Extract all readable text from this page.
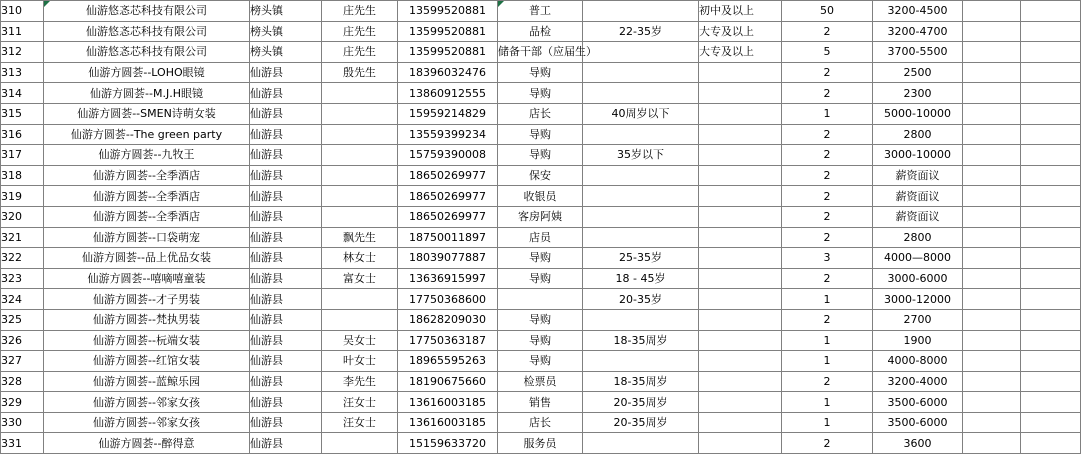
310	仙游悠忞芯科技有限公司	榜头镇	庄先生	13599520881	普工		初中及以上	50	3200-4500		
311	仙游悠忞芯科技有限公司	榜头镇	庄先生	13599520881	品检	22-35岁	大专及以上	2	3200-4700		
312	仙游悠忞芯科技有限公司	榜头镇	庄先生	13599520881	储备干部（应届生）		大专及以上	5	3700-5500		
313	仙游方圆荟--LOHO眼镜	仙游县	殷先生	18396032476	导购			2	2500		
314	仙游方圆荟--M.J.H眼镜	仙游县		13860912555	导购			2	2300		
315	仙游方圆荟--SMEN诗萌女装	仙游县		15959214829	店长	40周岁以下		1	5000-10000		
316	仙游方圆荟--The green party	仙游县		13559399234	导购			2	2800		
317	仙游方圆荟--九牧王	仙游县		15759390008	导购	35岁以下		2	3000-10000		
318	仙游方圆荟--全季酒店	仙游县		18650269977	保安			2	薪资面议		
319	仙游方圆荟--全季酒店	仙游县		18650269977	收银员			2	薪资面议		
320	仙游方圆荟--全季酒店	仙游县		18650269977	客房阿姨			2	薪资面议		
321	仙游方圆荟--口袋萌宠	仙游县	飘先生	18750011897	店员			2	2800		
322	仙游方圆荟--品上优品女装	仙游县	林女士	18039077887	导购	25-35岁		3	4000—8000		
323	仙游方圆荟--嘻嘀嘻童装	仙游县	富女士	13636915997	导购	18 - 45岁		2	3000-6000		
324	仙游方圆荟--才子男装	仙游县		17750368600		20-35岁		1	3000-12000		
325	仙游方圆荟--梵执男装	仙游县		18628209030	导购			2	2700		
326	仙游方圆荟--杬端女装	仙游县	吴女士	17750363187	导购	18-35周岁		1	1900		
327	仙游方圆荟--红馆女装	仙游县	叶女士	18965595263	导购			1	4000-8000		
328	仙游方圆荟--蓝鲸乐园	仙游县	李先生	18190675660	检票员	18-35周岁		2	3200-4000		
329	仙游方圆荟--邻家女孩	仙游县	汪女士	13616003185	销售	20-35周岁		1	3500-6000		
330	仙游方圆荟--邻家女孩	仙游县	汪女士	13616003185	店长	20-35周岁		1	3500-6000		
331	仙游方圆荟--醉得意	仙游县		15159633720	服务员			2	3600		
